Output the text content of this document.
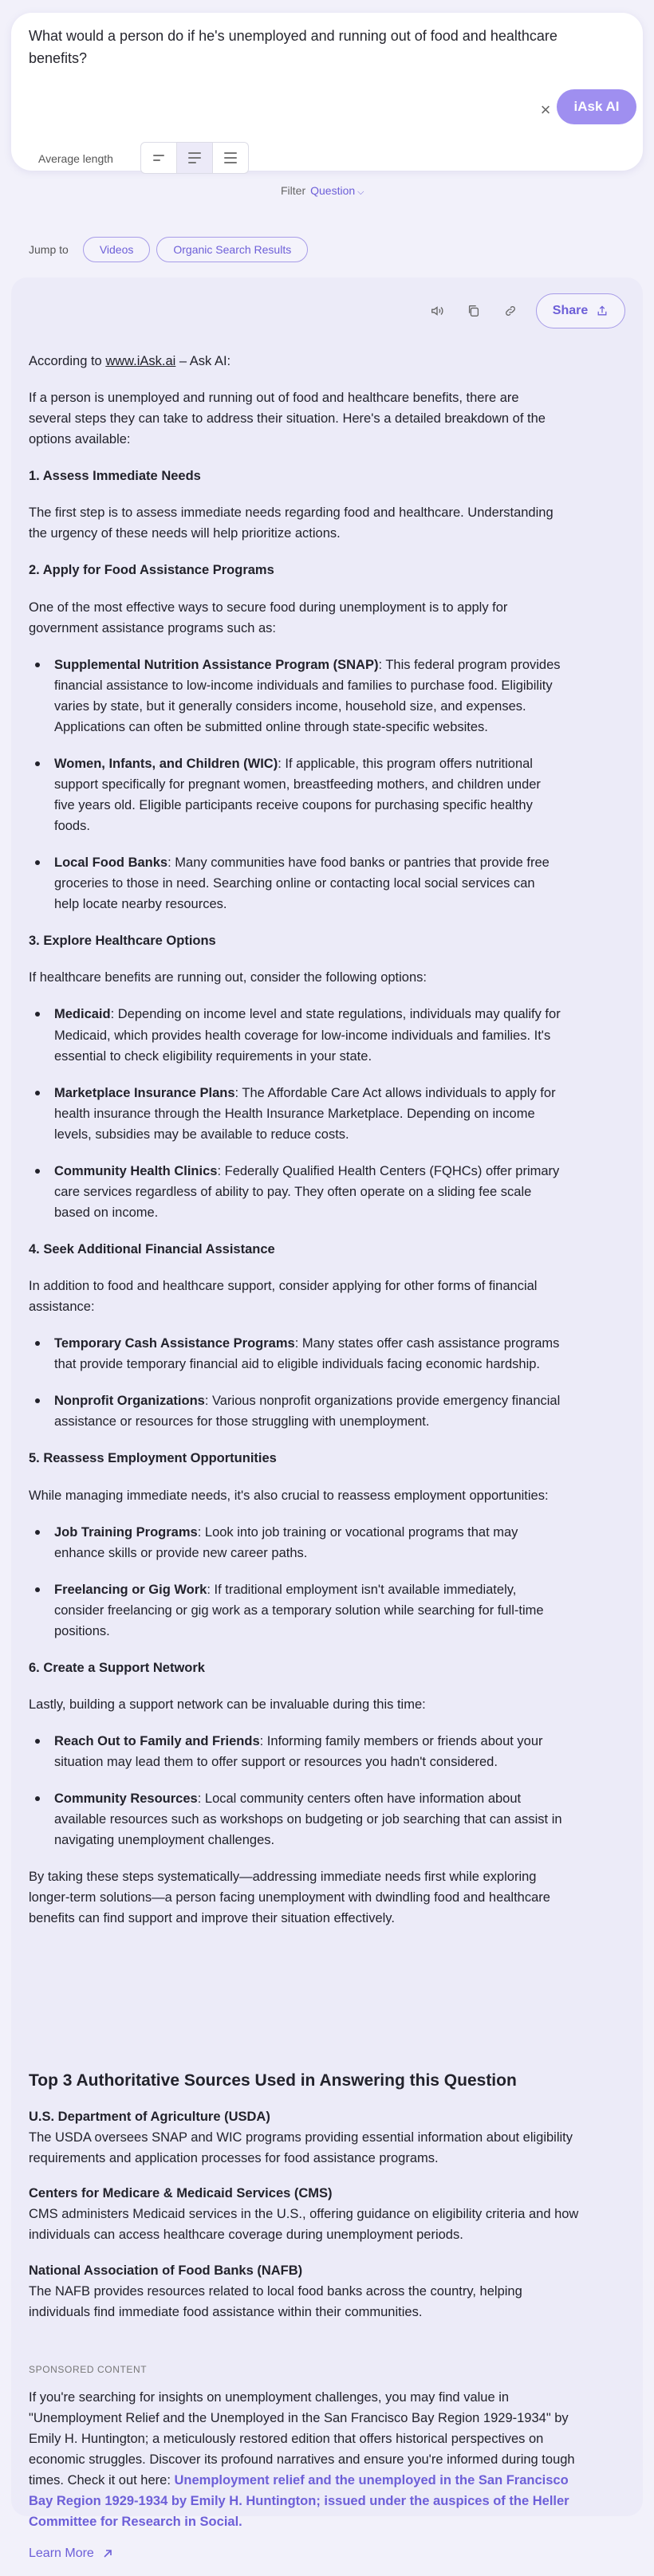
What would a person do if he's unemployed and running out of food and healthcare benefits?
×	iAsk AI
Average length
Filter Question ⌵
Jump to	Videos	Organic Search Results
Share

According to www.iAsk.ai – Ask AI:

If a person is unemployed and running out of food and healthcare benefits, there are several steps they can take to address their situation. Here's a detailed breakdown of the options available:

1. Assess Immediate Needs

The first step is to assess immediate needs regarding food and healthcare. Understanding the urgency of these needs will help prioritize actions.

2. Apply for Food Assistance Programs

One of the most effective ways to secure food during unemployment is to apply for government assistance programs such as:

Supplemental Nutrition Assistance Program (SNAP): This federal program provides financial assistance to low-income individuals and families to purchase food. Eligibility varies by state, but it generally considers income, household size, and expenses. Applications can often be submitted online through state-specific websites.
Women, Infants, and Children (WIC): If applicable, this program offers nutritional support specifically for pregnant women, breastfeeding mothers, and children under five years old. Eligible participants receive coupons for purchasing specific healthy foods.
Local Food Banks: Many communities have food banks or pantries that provide free groceries to those in need. Searching online or contacting local social services can help locate nearby resources.
3. Explore Healthcare Options

If healthcare benefits are running out, consider the following options:

Medicaid: Depending on income level and state regulations, individuals may qualify for Medicaid, which provides health coverage for low-income individuals and families. It's essential to check eligibility requirements in your state.
Marketplace Insurance Plans: The Affordable Care Act allows individuals to apply for health insurance through the Health Insurance Marketplace. Depending on income levels, subsidies may be available to reduce costs.
Community Health Clinics: Federally Qualified Health Centers (FQHCs) offer primary care services regardless of ability to pay. They often operate on a sliding fee scale based on income.
4. Seek Additional Financial Assistance

In addition to food and healthcare support, consider applying for other forms of financial assistance:

Temporary Cash Assistance Programs: Many states offer cash assistance programs that provide temporary financial aid to eligible individuals facing economic hardship.
Nonprofit Organizations: Various nonprofit organizations provide emergency financial assistance or resources for those struggling with unemployment.
5. Reassess Employment Opportunities

While managing immediate needs, it's also crucial to reassess employment opportunities:

Job Training Programs: Look into job training or vocational programs that may enhance skills or provide new career paths.
Freelancing or Gig Work: If traditional employment isn't available immediately, consider freelancing or gig work as a temporary solution while searching for full-time positions.
6. Create a Support Network

Lastly, building a support network can be invaluable during this time:

Reach Out to Family and Friends: Informing family members or friends about your situation may lead them to offer support or resources you hadn't considered.
Community Resources: Local community centers often have information about available resources such as workshops on budgeting or job searching that can assist in navigating unemployment challenges.

By taking these steps systematically—addressing immediate needs first while exploring longer-term solutions—a person facing unemployment with dwindling food and healthcare benefits can find support and improve their situation effectively.

Top 3 Authoritative Sources Used in Answering this Question
U.S. Department of Agriculture (USDA)
The USDA oversees SNAP and WIC programs providing essential information about eligibility requirements and application processes for food assistance programs.
Centers for Medicare & Medicaid Services (CMS)
CMS administers Medicaid services in the U.S., offering guidance on eligibility criteria and how individuals can access healthcare coverage during unemployment periods.
National Association of Food Banks (NAFB)
The NAFB provides resources related to local food banks across the country, helping individuals find immediate food assistance within their communities.
SPONSORED CONTENT

If you're searching for insights on unemployment challenges, you may find value in "Unemployment Relief and the Unemployed in the San Francisco Bay Region 1929-1934" by Emily H. Huntington; a meticulously restored edition that offers historical perspectives on economic struggles. Discover its profound narratives and ensure you're informed during tough times. Check it out here: Unemployment relief and the unemployed in the San Francisco Bay Region 1929-1934 by Emily H. Huntington; issued under the auspices of the Heller Committee for Research in Social.

Learn More
